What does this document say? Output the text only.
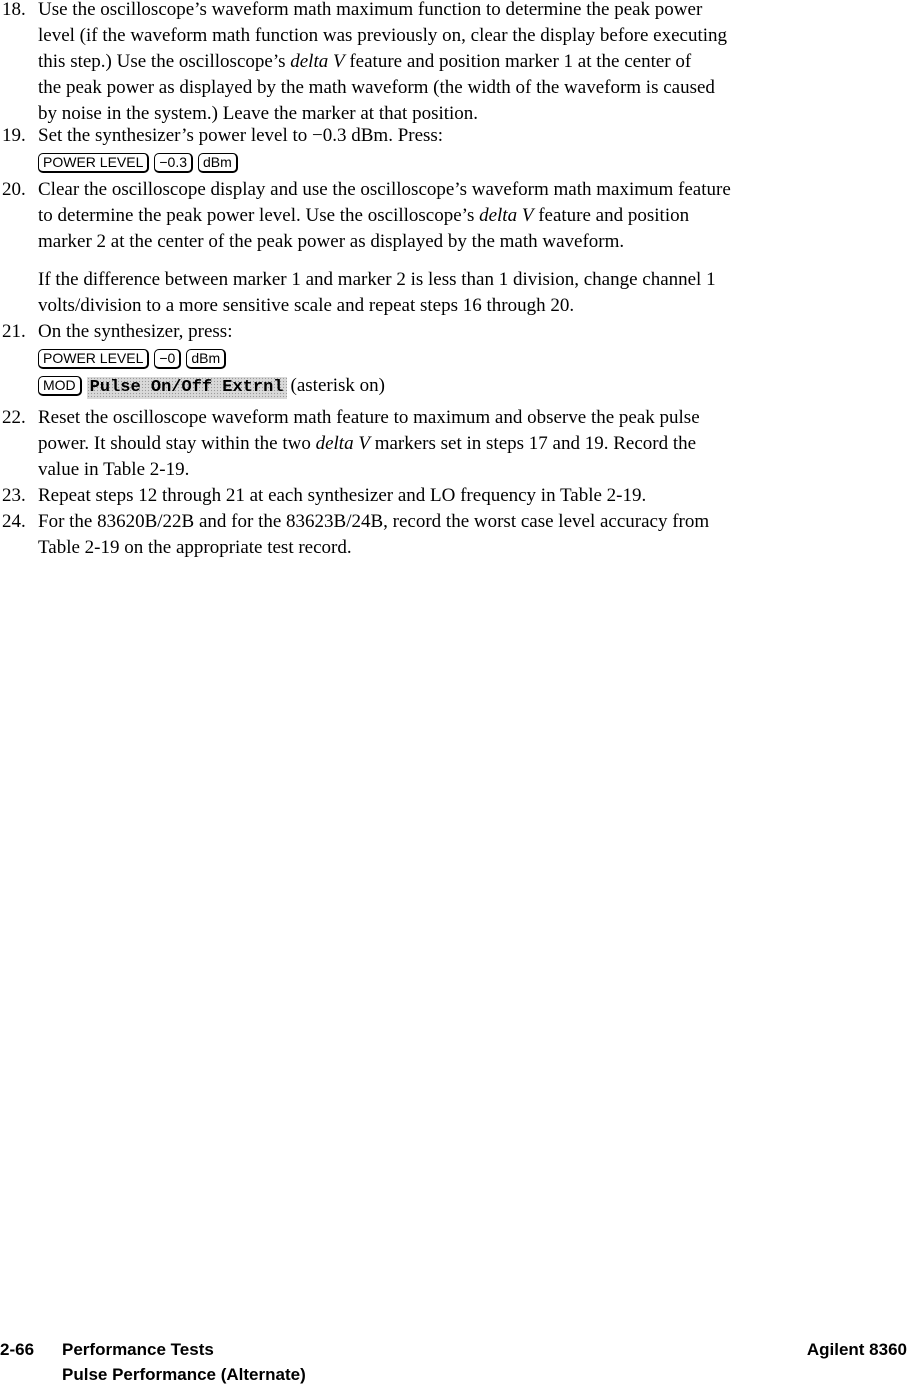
18. Use the oscilloscope’s waveform math maximum function to determine the peak power
level (if the waveform math function was previously on, clear the display before executing
this step.) Use the oscilloscope’s delta V feature and position marker 1 at the center of
the peak power as displayed by the math waveform (the width of the waveform is caused
by noise in the system.) Leave the marker at that position.
19. Set the synthesizer’s power level to −0.3 dBm. Press:
POWER LEVEL −0.3 dBm
20. Clear the oscilloscope display and use the oscilloscope’s waveform math maximum feature
to determine the peak power level. Use the oscilloscope’s delta V feature and position
marker 2 at the center of the peak power as displayed by the math waveform.
If the difference between marker 1 and marker 2 is less than 1 division, change channel 1
volts/division to a more sensitive scale and repeat steps 16 through 20.
21. On the synthesizer, press:
POWER LEVEL −0 dBm
MOD Pulse On/Off Extrnl (asterisk on)
22. Reset the oscilloscope waveform math feature to maximum and observe the peak pulse
power. It should stay within the two delta V markers set in steps 17 and 19. Record the
value in Table 2-19.
23. Repeat steps 12 through 21 at each synthesizer and LO frequency in Table 2-19.
24. For the 83620B/22B and for the 83623B/24B, record the worst case level accuracy from
Table 2-19 on the appropriate test record.
2-66 Performance Tests
Pulse Performance (Alternate)
Agilent 8360
